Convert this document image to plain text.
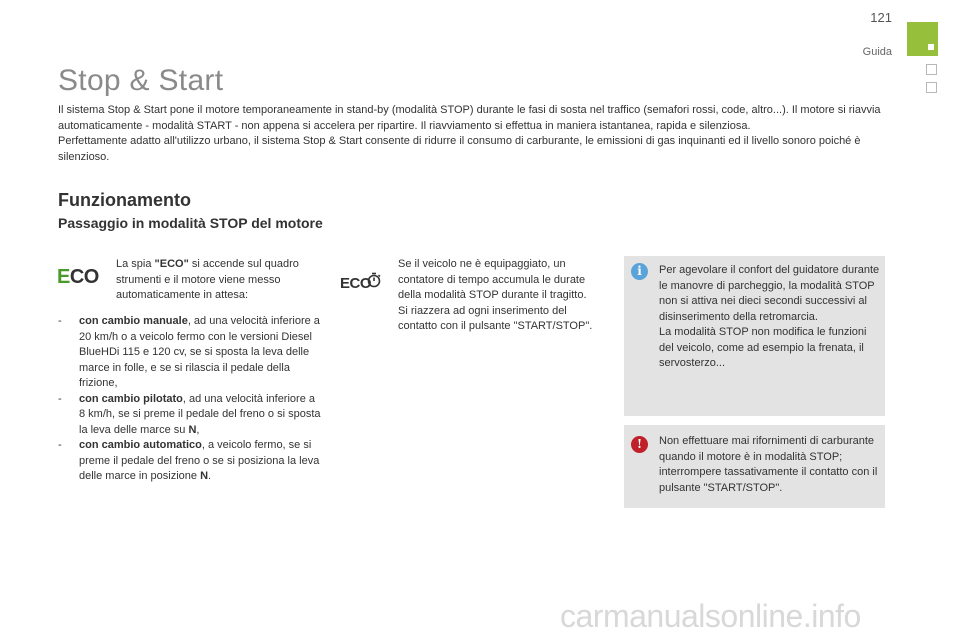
121
Guida
Stop & Start

Il sistema Stop & Start pone il motore temporaneamente in stand-by (modalità STOP) durante le fasi di sosta nel traffico (semafori rossi, code, altro...). Il motore si riavvia automaticamente - modalità START - non appena si accelera per ripartire. Il riavviamento si effettua in maniera istantanea, rapida e silenziosa.

Perfettamente adatto all'utilizzo urbano, il sistema Stop & Start consente di ridurre il consumo di carburante, le emissioni di gas inquinanti ed il livello sonoro poiché è silenzioso.

Funzionamento
Passaggio in modalità STOP del motore
ECO
La spia "ECO" si accende sul quadro strumenti e il motore viene messo automaticamente in attesa:
- con cambio manuale, ad una velocità inferiore a 20 km/h o a veicolo fermo con le versioni Diesel BlueHDi 115 e 120 cv, se si sposta la leva delle marce in folle, e se si rilascia il pedale della frizione,
- con cambio pilotato, ad una velocità inferiore a 8 km/h, se si preme il pedale del freno o si sposta la leva delle marce su N,
- con cambio automatico, a veicolo fermo, se si preme il pedale del freno o se si posiziona la leva delle marce in posizione N.
ECO
Se il veicolo ne è equipaggiato, un contatore di tempo accumula le durate della modalità STOP durante il tragitto. Si riazzera ad ogni inserimento del contatto con il pulsante "START/STOP".
i	Per agevolare il confort del guidatore durante le manovre di parcheggio, la modalità STOP non si attiva nei dieci secondi successivi al disinserimento della retromarcia.
La modalità STOP non modifica le funzioni del veicolo, come ad esempio la frenata, il servosterzo...
!	Non effettuare mai rifornimenti di carburante quando il motore è in modalità STOP; interrompere tassativamente il contatto con il pulsante "START/STOP".
carmanualsonline.info
